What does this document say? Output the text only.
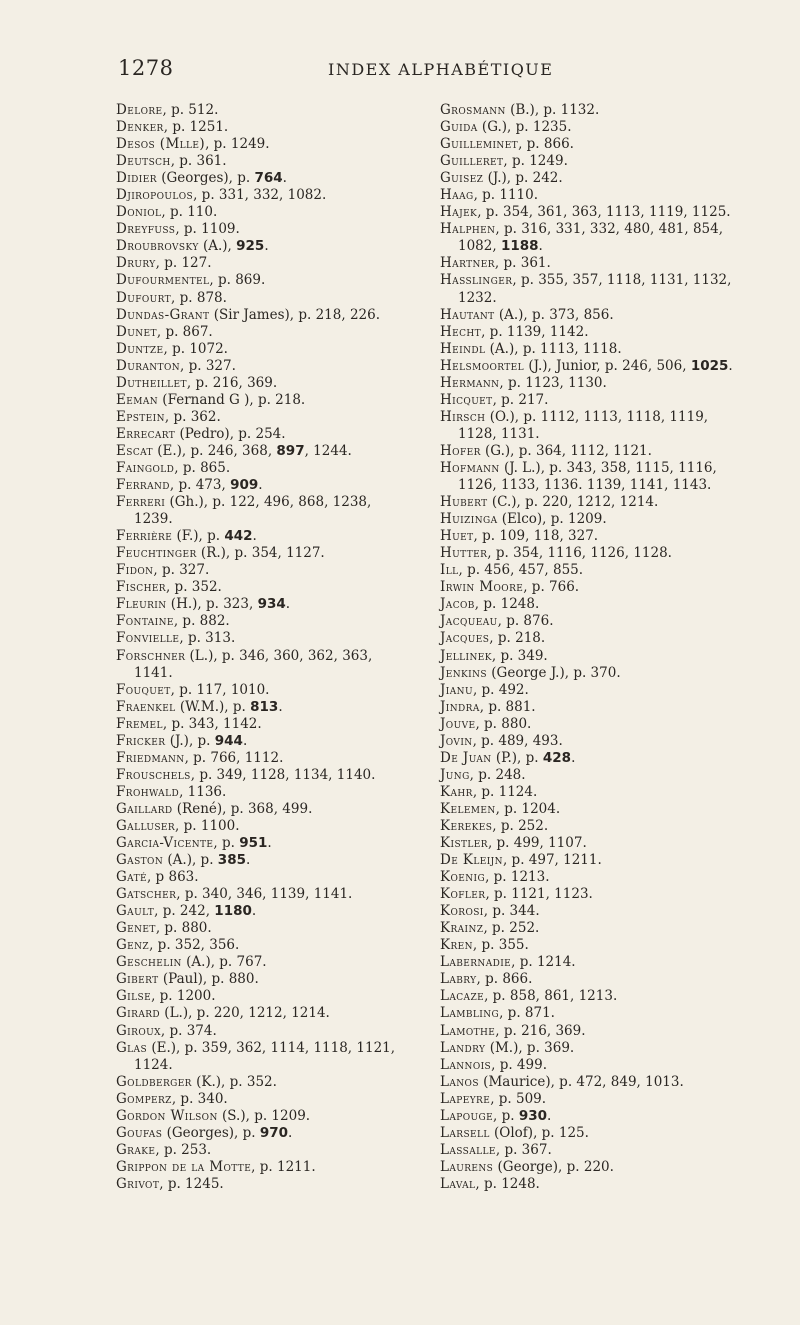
1278	INDEX ALPHABÉTIQUE
Delore, p. 512.
Denker, p. 1251.
Desos (Mlle), p. 1249.
Deutsch, p. 361.
Didier (Georges), p. 764.
Djiropoulos, p. 331, 332, 1082.
Doniol, p. 110.
Dreyfuss, p. 1109.
Droubrovsky (A.), 925.
Drury, p. 127.
Dufourmentel, p. 869.
Dufourt, p. 878.
Dundas-Grant (Sir James), p. 218, 226.
Dunet, p. 867.
Duntze, p. 1072.
Duranton, p. 327.
Dutheillet, p. 216, 369.
Eeman (Fernand G ), p. 218.
Epstein, p. 362.
Errecart (Pedro), p. 254.
Escat (E.), p. 246, 368, 897, 1244.
Faingold, p. 865.
Ferrand, p. 473, 909.
Ferreri (Gh.), p. 122, 496, 868, 1238, 1239.
Ferrière (F.), p. 442.
Feuchtinger (R.), p. 354, 1127.
Fidon, p. 327.
Fischer, p. 352.
Fleurin (H.), p. 323, 934.
Fontaine, p. 882.
Fonvielle, p. 313.
Forschner (L.), p. 346, 360, 362, 363, 1141.
Fouquet, p. 117, 1010.
Fraenkel (W.M.), p. 813.
Fremel, p. 343, 1142.
Fricker (J.), p. 944.
Friedmann, p. 766, 1112.
Frouschels, p. 349, 1128, 1134, 1140.
Frohwald, 1136.
Gaillard (René), p. 368, 499.
Galluser, p. 1100.
Garcia-Vicente, p. 951.
Gaston (A.), p. 385.
Gaté, p 863.
Gatscher, p. 340, 346, 1139, 1141.
Gault, p. 242, 1180.
Genet, p. 880.
Genz, p. 352, 356.
Geschelin (A.), p. 767.
Gibert (Paul), p. 880.
Gilse, p. 1200.
Girard (L.), p. 220, 1212, 1214.
Giroux, p. 374.
Glas (E.), p. 359, 362, 1114, 1118, 1121, 1124.
Goldberger (K.), p. 352.
Gomperz, p. 340.
Gordon Wilson (S.), p. 1209.
Goufas (Georges), p. 970.
Grake, p. 253.
Grippon de la Motte, p. 1211.
Grivot, p. 1245.
Grosmann (B.), p. 1132.
Guida (G.), p. 1235.
Guilleminet, p. 866.
Guilleret, p. 1249.
Guisez (J.), p. 242.
Haag, p. 1110.
Hajek, p. 354, 361, 363, 1113, 1119, 1125.
Halphen, p. 316, 331, 332, 480, 481, 854, 1082, 1188.
Hartner, p. 361.
Hasslinger, p. 355, 357, 1118, 1131, 1132, 1232.
Hautant (A.), p. 373, 856.
Hecht, p. 1139, 1142.
Heindl (A.), p. 1113, 1118.
Helsmoortel (J.), Junior, p. 246, 506, 1025.
Hermann, p. 1123, 1130.
Hicquet, p. 217.
Hirsch (O.), p. 1112, 1113, 1118, 1119, 1128, 1131.
Hofer (G.), p. 364, 1112, 1121.
Hofmann (J. L.), p. 343, 358, 1115, 1116, 1126, 1133, 1136. 1139, 1141, 1143.
Hubert (C.), p. 220, 1212, 1214.
Huizinga (Elco), p. 1209.
Huet, p. 109, 118, 327.
Hutter, p. 354, 1116, 1126, 1128.
Ill, p. 456, 457, 855.
Irwin Moore, p. 766.
Jacob, p. 1248.
Jacqueau, p. 876.
Jacques, p. 218.
Jellinek, p. 349.
Jenkins (George J.), p. 370.
Jianu, p. 492.
Jindra, p. 881.
Jouve, p. 880.
Jovin, p. 489, 493.
De Juan (P.), p. 428.
Jung, p. 248.
Kahr, p. 1124.
Kelemen, p. 1204.
Kerekes, p. 252.
Kistler, p. 499, 1107.
De Kleijn, p. 497, 1211.
Koenig, p. 1213.
Kofler, p. 1121, 1123.
Korosi, p. 344.
Krainz, p. 252.
Kren, p. 355.
Labernadie, p. 1214.
Labry, p. 866.
Lacaze, p. 858, 861, 1213.
Lambling, p. 871.
Lamothe, p. 216, 369.
Landry (M.), p. 369.
Lannois, p. 499.
Lanos (Maurice), p. 472, 849, 1013.
Lapeyre, p. 509.
Lapouge, p. 930.
Larsell (Olof), p. 125.
Lassalle, p. 367.
Laurens (George), p. 220.
Laval, p. 1248.
